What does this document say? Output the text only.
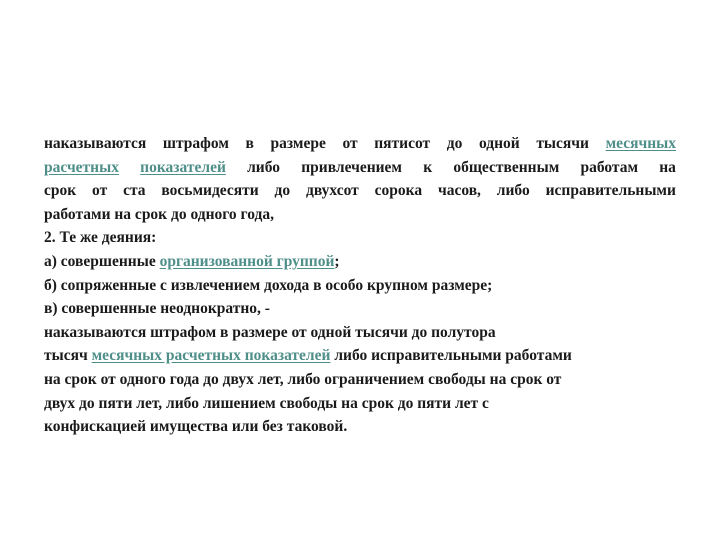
наказываются штрафом в размере от пятисот до одной тысячи месячных
расчетных показателей либо привлечением к общественным работам на
срок от ста восьмидесяти до двухсот сорока часов, либо исправительными
работами на срок до одного года,
2. Те же деяния:
а) совершенные организованной группой;
б) сопряженные с извлечением дохода в особо крупном размере;
в) совершенные неоднократно, -
наказываются штрафом в размере от одной тысячи до полутора
тысяч месячных расчетных показателей либо исправительными работами
на срок от одного года до двух лет, либо ограничением свободы на срок от
двух до пяти лет, либо лишением свободы на срок до пяти лет с
конфискацией имущества или без таковой.
